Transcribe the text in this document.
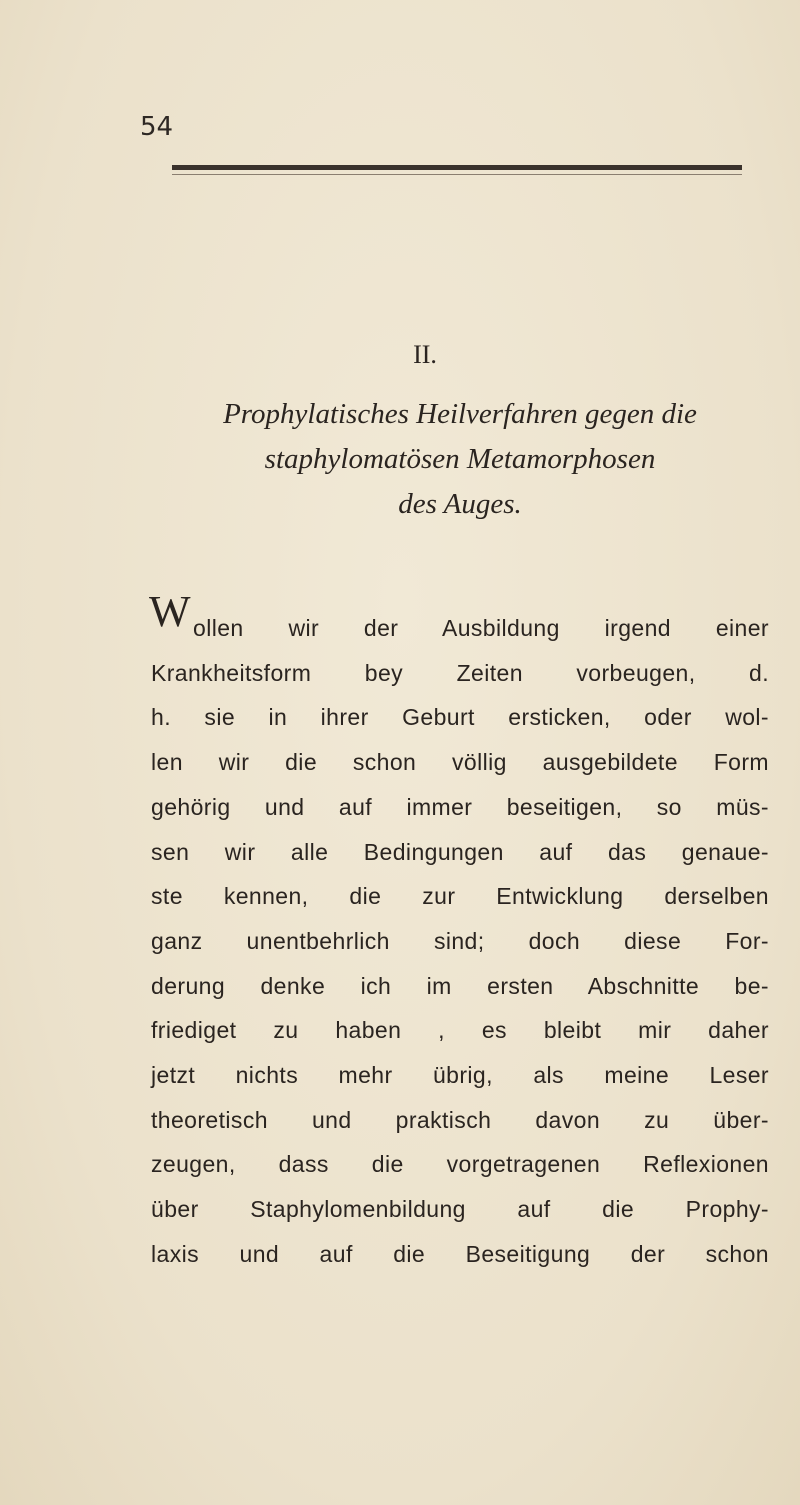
54
II.
Prophylatisches Heilverfahren gegen die
staphylomatösen Metamorphosen
des Auges.
W ollen wir der Ausbildung irgend einer
Krankheitsform bey Zeiten vorbeugen, d.
h. sie in ihrer Geburt ersticken, oder wol-
len wir die schon völlig ausgebildete Form
gehörig und auf immer beseitigen, so müs-
sen wir alle Bedingungen auf das genaue-
ste kennen, die zur Entwicklung derselben
ganz unentbehrlich sind; doch diese For-
derung denke ich im ersten Abschnitte be-
friediget zu haben , es bleibt mir daher
jetzt nichts mehr übrig, als meine Leser
theoretisch und praktisch davon zu über-
zeugen, dass die vorgetragenen Reflexionen
über Staphylomenbildung auf die Prophy-
laxis und auf die Beseitigung der schon
